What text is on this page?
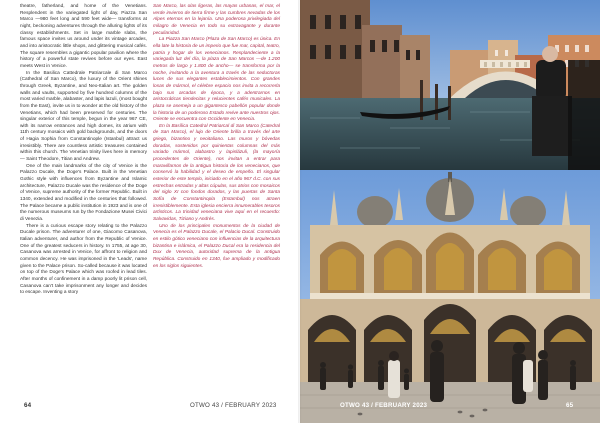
theatre, fatherland, and home of the Venetians. Resplendent in the variegated light of day, Piazza San Marco —980 feet long and 590 feet wide— transforms at night, beckoning adventures through the alluring lights of its classy establishments. Set in large marble slabs, the famous space invites us around under its vintage arcades, and into aristocratic little shops, and glittering musical cafés. The square resembles a gigantic popular pavilion where the history of a powerful state revives before our eyes. East meets West in Venice.

In the Basilica Cattedrale Patriarcale di San Marco (Cathedral of San Marco), the luxury of the Orient shines through Greek, Byzantine, and Neo-Italian art. The golden walls and vaults, supported by five hundred columns of the most varied marble, alabaster, and lapis lazuli, (most bought from the East), invite us in to wonder at the old history of the Venetians, which had been preserved for centuries. The singular exterior of this temple, begun in the year 967 CE, with its narrow entrances and high domes, its atrium with 11th century mosaics with gold backgrounds, and the doors of Hagia Sophia from Constantinople (Istanbul) attract us irresistibly. There are countless artistic treasures contained within this church. The Venetian trinity lives here in memory— Saint Theodore, Titian and Andrew.

One of the main landmarks of the city of Venice is the Palazzo Ducale, the Doge's Palace. Built in the Venetian Gothic style with influences from Byzantine and Islamic architecture, Palazzo Ducale was the residence of the Doge of Venice, supreme authority of the former Republic. Built in 1340, extended and modified in the centuries that followed. The Palace became a public institution in 1923 and is one of the numerous museums run by the Fondazione Musei Civici di Venezia.

There is a curious escape story relating to the Palazzo Ducale prison. The adventurer of one, Giacomo Casanova, Italian adventurer, and author from the Republic of Venice. One of the greatest seducers in history. In 1755, at age 30, Casanova was arrested in Venice, for affront to religion and common decency. He was imprisoned in the 'Leads', name given to the Palace prison. So-called because it was located on top of the Doge's Palace which was roofed in lead tiles. After months of confinement in a damp poorly lit prison cell, Casanova can't take imprisonment any longer and decides to escape. Inventing a story

San Marco, las olas ligeras, las mayas urbanas, el mar, el verde invierno de tierra firme y las cumbres nevadas de los Alpes eternos en la lejanía. Una poderosa privilegiada del milagro de Venecia en todo su extravagante y durante peculiaridad.

La Piazza San Marco (Plaza de San Marco) es única. En ella late la historia de un imperio que fue mar, capital, teatro, patria y hogar de los venecianos. Resplandeciente a la variegada luz del día, la plaza de San Marcos —de 1.200 metros de largo y 1.800 de ancho— se transforma por la noche, invitando a la aventura a través de las seductoras luces de sus elegantes establecimientos. Con grandes losas de mármol, el célebre espacio nos invita a recorrerla bajo sus arcadas de época, y a adentrarnos en aristocráticas tiendecitas y relucientes cafés musicales. La plaza se asemeja a un gigantesco pabellón popular donde la historia de un poderoso Estado revive ante nuestros ojos. Oriente se encuentra con Occidente en Venecia.

En la Basílica Catedral Patriarcal di San Marco (Catedral de San Marco), el lujo de Oriente brilla a través del arte griego, bizantino y neoitaliano. Las muros y bóvedas doradas, sostenidos por quinientas columnas del más variado mármol, alabastro y lapislázuli, (la mayoría procedentes de Oriente), nos invitan a entrar para maravillarnos de la antigua historia de los venecianos, que conservó la habilidad y el deseo de empeño. El singular exterior de este templo, iniciado en el año 967 d.C. con sus estrechas entradas y altas cúpulas, sus atrios con mosaicos del siglo XI con fondos dorados, y las puertas de Santa Sofía de Constantinopla (Estambul) nos atraen irresistiblemente. Esta iglesia encierra innumerables tesoros artísticos. La trinidad veneciana vive aquí en el recuerdo: Salvavidas, Tiziano y Andrés.

Uno de los principales monumentos de la ciudad de Venecia es el Palazzo Ducale, el Palacio Ducal. Construido en estilo gótico veneciano con influencias de la arquitectura bizantina e islámica, el Palazzo Ducal era la residencia del Dux de Venecia, autoridad suprema de la antigua República. Construido en 1340, fue ampliado y modificado en los siglos siguientes.

64	OTWO 43 / FEBRUARY 2023	OTWO 43 / FEBRUARY 2023	65
